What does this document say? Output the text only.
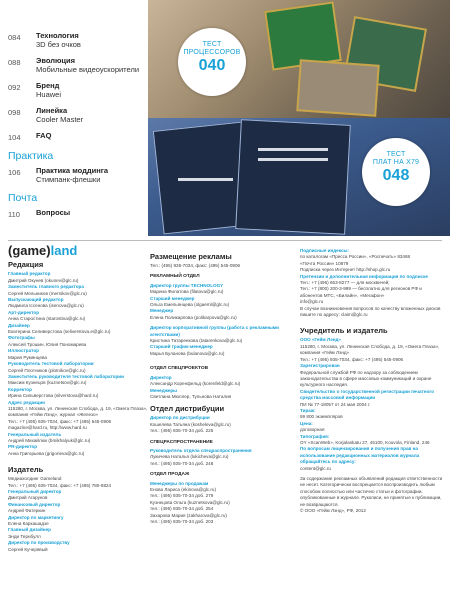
084	Технология
3D без очков
088	Эволюция
Мобильные видеоускорители
092	Бренд
Huawei
098	Линейка
Cooler Master
104	FAQ
Практика
106	Практика моддинга
Стимпанк-флешки
Почта
110	Вопросы
ТЕСТ
ПРОЦЕССОРОВ
040
ТЕСТ
ПЛАТ НА X79
048
(game)land
Редакция
Главный редактор
Дмитрий Окунев (okunev@glc.ru)
Заместитель главного редактора
Сергей Мельников (mernikov@glc.ru)
Выпускающий редактор
Людмила Іссенова (isenova@glc.ru)
Арт-директор
Анна Старостина (starostina@glc.ru)
Дизайнер
Екатерина Селиверстова (seliverstova.e@glc.ru)
Фотографы
Алексей Трошин, Юлия Пономарева
Иллюстратор
Мария Румянцева
Руководитель тестовой лаборатории
Сергей Плотников (plotnikov@glc.ru)
Заместитель руководителя тестовой лаборатории
Максим Кузнецов (kuznetsov@glc.ru)
Корректор
Ирина Сильверстова (silverstova@hard.ru)
Адрес редакции
115280, г. Москва, ул. Ленинская Слобода, д. 19, «Омега Плаза», компания «Гейм Лэнд», журнал «Железо»
Тел.: +7 (495) 935-7034, факс: +7 (495) 545-0906
magazine@hard.ru, http://www.hard.ru
Генеральный издатель
Андрей Михайлюк (bmikhalyuk@glc.ru)
PR-директор
Анна Григорьева (grigorieva@glc.ru)
Издатель
Медиахолдинг Gameland
Тел.: +7 (495) 935-7034, факс: +7 (495) 780-8824
Генеральный директор
Дмитрий Агарунов
Финансовый директор
Андрей Фатеркин
Директор по маркетингу
Елена Каркашадзе
Главный дизайнер
Энди Тернбулл
Директор по производству
Сергей Кучерявый
Размещение рекламы
Тел.: (495) 935-7034, факс: (495) 545-0906
РЕКЛАМНЫЙ ОТДЕЛ
Директор группы TECHNOLOGY
Марина Филатова (filatova@glc.ru)
Старший менеджер
Ольга Емельянцева (olgaeml@glc.ru)
Менеджер
Елена Поликарпова (polikarpova@glc.ru)
Директор корпоративной группы (работа с рекламными агентствами)
Кристина Татаренкова (tatarenkova@glc.ru)
Старший трафик-менеджер
Марья Буланова (bulanova@glc.ru)
ОТДЕЛ СПЕЦПРОЕКТОВ
Директор
Александр Коренфельд (korenfeld@glc.ru)
Менеджеры
Светлана Мюллер, Тульнова Наталия
Отдел дистрибуции
Директор по дистрибуции
Кошелева Татьяна (kosheleva@glc.ru)
тел.: (495) 935-70-34 доб. 225
СПЕЦРАСПРОСТРАНЕНИЕ
Руководитель отдела спецраспространения
Лукичева Наталья (lukicheva@glc.ru)
тел.: (495) 935-70-34 доб. 248
ОТДЕЛ ПРОДАЖ
Менеджеры по продажам
Енова Лариса (ekinova@glc.ru)
тел.: (495) 935-70-34 доб. 279
Кузнецова Ольга (kuznetsova@glc.ru)
тел.: (495) 935-70-34 доб. 254
Захарова Мария (zakharova@glc.ru)
тел.: (495) 935-70-34 доб. 203
Подписные индексы:
по каталогам «Пресса России», «Роспечать» 83468
«Почта России» 10879
Подписка через Интернет http://shop.glc.ru
Претензии и дополнительная информация по подписке
Тел.: +7 (495) 663-8277 — для москвичей;
Тел.: +7 (800) 200-3-999 — бесплатно для регионов РФ и абонентов МТС, «Билайн», «Мегафон»
info@glc.ru
В случае возникновения вопросов по качеству вложенных дисков пишите по адресу: claim@glc.ru
Учредитель и издатель
ООО «Гейм Лэнд»
115280, г. Москва, ул. Ленинская Слобода, д. 19, «Омега Плаза», компания «Гейм Лэнд»
Тел.: +7 (495) 935-7034, факс: +7 (495) 545-0906
Зарегистрирован
Федеральной службой РФ по надзору за соблюдением законодательства в сфере массовых коммуникаций и охране культурного наследия.
Свидетельство о государственной регистрации печатного средства массовой информации
ПИ № 77-18057 от 24 мая 2004 г.
Тираж:
59 800 экземпляров
Цена:
договорная
Типография:
OY «ScanWeb», Korjalankatu 27, 45100, Kouvola, Finland, 246
По вопросам лицензирования и получения прав на использование редакционных материалов журнала обращайтесь по адресу:
content@glc.ru
За содержание рекламных объявлений редакция ответственности не несет. Категорически воспрещается воспроизводить любым способом полностью или частично статьи и фотографии, опубликованные в журнале. Рукописи, не принятые к публикации, не возвращаются.
© ООО «Гейм Лэнд», РФ, 2012
